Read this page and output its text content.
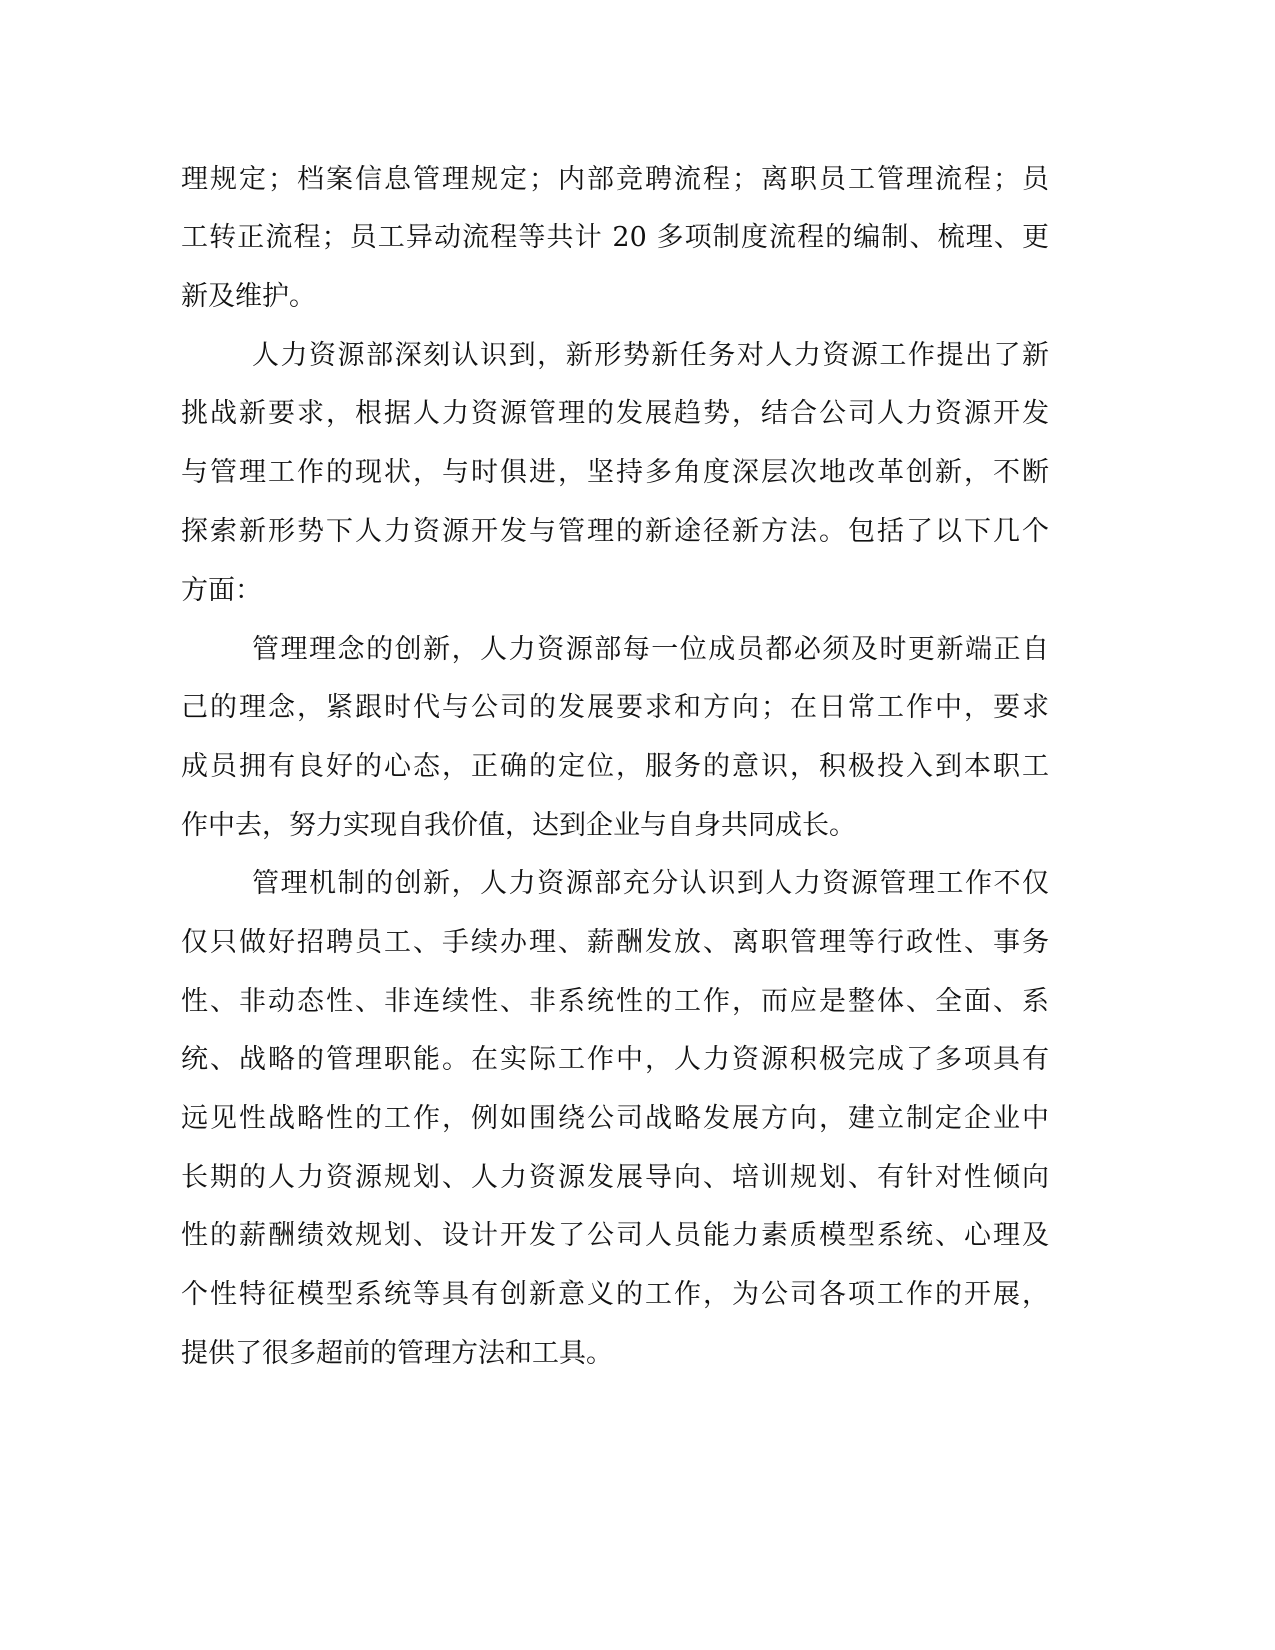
理规定；档案信息管理规定；内部竞聘流程；离职员工管理流程；员
工转正流程；员工异动流程等共计 20 多项制度流程的编制、梳理、更
新及维护。
人力资源部深刻认识到，新形势新任务对人力资源工作提出了新
挑战新要求，根据人力资源管理的发展趋势，结合公司人力资源开发
与管理工作的现状，与时俱进，坚持多角度深层次地改革创新，不断
探索新形势下人力资源开发与管理的新途径新方法。包括了以下几个
方面：
管理理念的创新，人力资源部每一位成员都必须及时更新端正自
己的理念，紧跟时代与公司的发展要求和方向；在日常工作中，要求
成员拥有良好的心态，正确的定位，服务的意识，积极投入到本职工
作中去，努力实现自我价值，达到企业与自身共同成长。
管理机制的创新，人力资源部充分认识到人力资源管理工作不仅
仅只做好招聘员工、手续办理、薪酬发放、离职管理等行政性、事务
性、非动态性、非连续性、非系统性的工作，而应是整体、全面、系
统、战略的管理职能。在实际工作中，人力资源积极完成了多项具有
远见性战略性的工作，例如围绕公司战略发展方向，建立制定企业中
长期的人力资源规划、人力资源发展导向、培训规划、有针对性倾向
性的薪酬绩效规划、设计开发了公司人员能力素质模型系统、心理及
个性特征模型系统等具有创新意义的工作，为公司各项工作的开展，
提供了很多超前的管理方法和工具。
